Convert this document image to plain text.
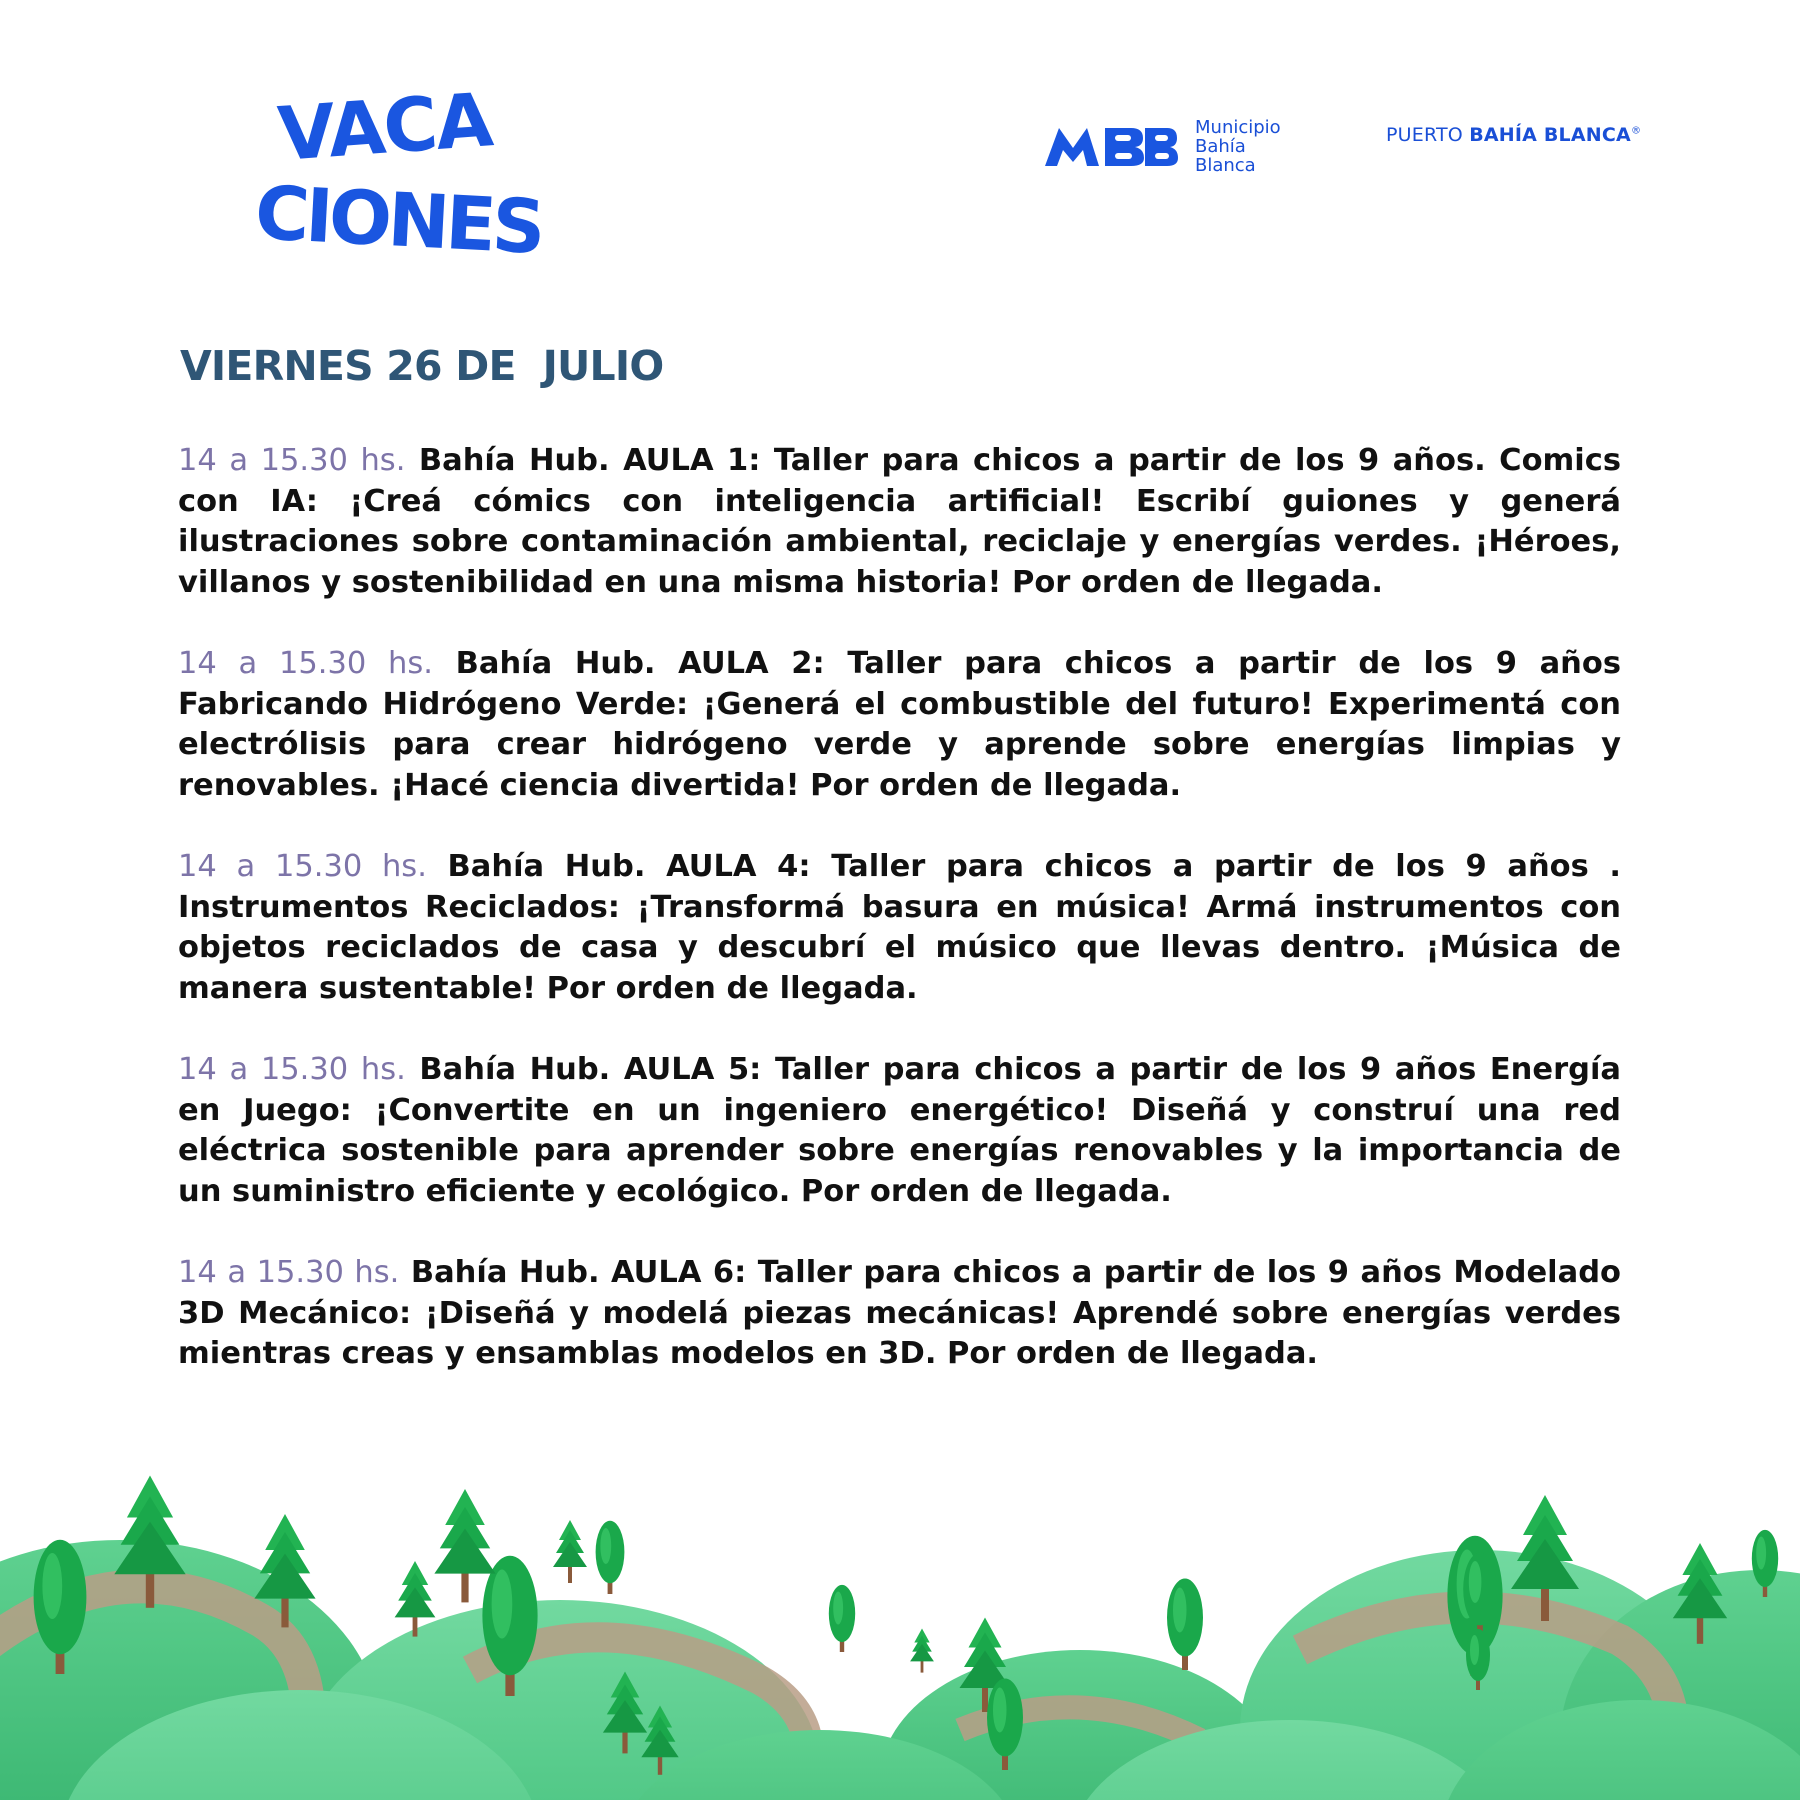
VACA
CIONES
Municipio
Bahía
Blanca
PUERTO BAHÍA BLANCA®
VIERNES 26 DE  JULIO

14 a 15.30 hs. Bahía Hub. AULA 1: Taller para chicos a partir de los 9 años. Comics con IA: ¡Creá cómics con inteligencia artificial! Escribí guiones y generá ilustraciones sobre contaminación ambiental, reciclaje y energías verdes. ¡Héroes, villanos y sostenibilidad en una misma historia! Por orden de llegada.

14 a 15.30 hs. Bahía Hub. AULA 2: Taller para chicos a partir de los 9 años Fabricando Hidrógeno Verde: ¡Generá el combustible del futuro! Experimentá con electrólisis para crear hidrógeno verde y aprende sobre energías limpias y renovables. ¡Hacé ciencia divertida! Por orden de llegada.

14 a 15.30 hs. Bahía Hub. AULA 4: Taller para chicos a partir de los 9 años . Instrumentos Reciclados: ¡Transformá basura en música! Armá instrumentos con objetos reciclados de casa y descubrí el músico que llevas dentro. ¡Música de manera sustentable! Por orden de llegada.

14 a 15.30 hs. Bahía Hub. AULA 5: Taller para chicos a partir de los 9 años Energía en Juego: ¡Convertite en un ingeniero energético! Diseñá y construí una red eléctrica sostenible para aprender sobre energías renovables y la importancia de un suministro eficiente y ecológico. Por orden de llegada.

14 a 15.30 hs. Bahía Hub. AULA 6: Taller para chicos a partir de los 9 años Modelado 3D Mecánico: ¡Diseñá y modelá piezas mecánicas! Aprendé sobre energías verdes mientras creas y ensamblas modelos en 3D. Por orden de llegada.
